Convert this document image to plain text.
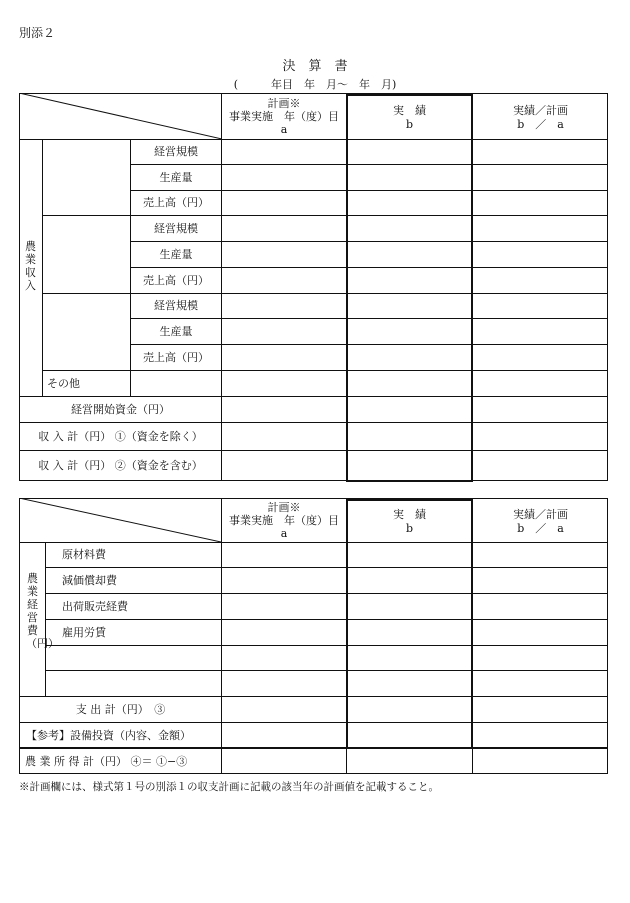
別添２
決　算　書
(　　　年目　年　月〜　年　月)
計画※
事業実施　年（度）目
a
実　績
b
実績／計画
b　／　a
農業収入
経営規模
生産量
売上高（円）
経営規模
生産量
売上高（円）
経営規模
生産量
売上高（円）
その他
経営開始資金（円）
収 入 計（円） ①（資金を除く）
収 入 計（円） ②（資金を含む）
計画※
事業実施　年（度）目
a
実　績
b
実績／計画
b　／　a
農業経営費（円）
原材料費
減価償却費
出荷販売経費
雇用労賃
支 出 計（円）　③
【参考】設備投資（内容、金額）
農 業 所 得 計（円） ④＝ ①−③
※計画欄には、様式第１号の別添１の収支計画に記載の該当年の計画値を記載すること。
